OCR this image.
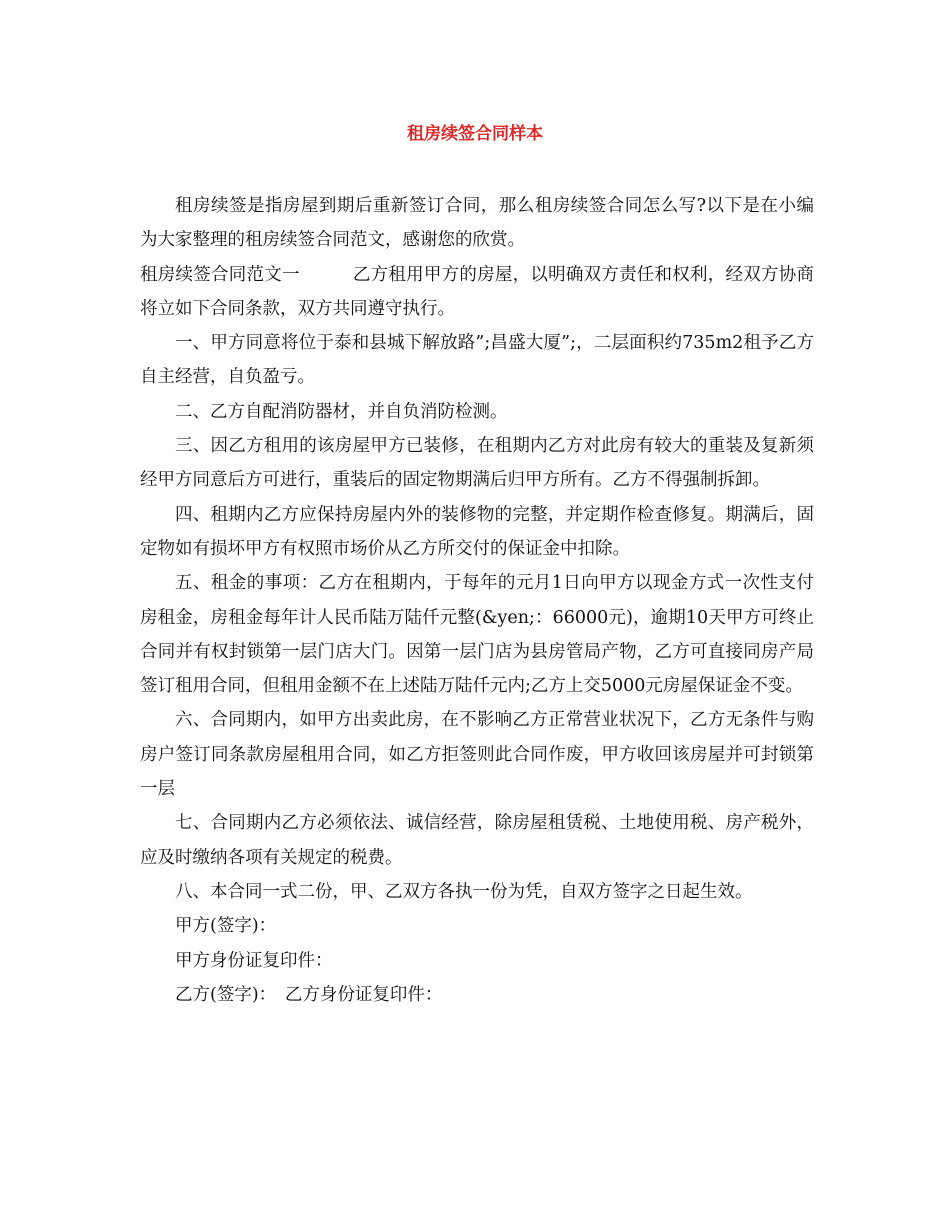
租房续签合同样本

租房续签是指房屋到期后重新签订合同，那么租房续签合同怎么写?以下是在小编为大家整理的租房续签合同范文，感谢您的欣赏。

租房续签合同范文一　　　乙方租用甲方的房屋，以明确双方责任和权利，经双方协商将立如下合同条款，双方共同遵守执行。

一、甲方同意将位于泰和县城下解放路”;昌盛大厦”;，二层面积约735m2租予乙方自主经营，自负盈亏。

二、乙方自配消防器材，并自负消防检测。

三、因乙方租用的该房屋甲方已装修，在租期内乙方对此房有较大的重装及复新须经甲方同意后方可进行，重装后的固定物期满后归甲方所有。乙方不得强制拆卸。

四、租期内乙方应保持房屋内外的装修物的完整，并定期作检查修复。期满后，固定物如有损坏甲方有权照市场价从乙方所交付的保证金中扣除。

五、租金的事项：乙方在租期内，于每年的元月1日向甲方以现金方式一次性支付房租金，房租金每年计人民币陆万陆仟元整(&yen;：66000元)，逾期10天甲方可终止合同并有权封锁第一层门店大门。因第一层门店为县房管局产物，乙方可直接同房产局签订租用合同，但租用金额不在上述陆万陆仟元内;乙方上交5000元房屋保证金不变。

六、合同期内，如甲方出卖此房，在不影响乙方正常营业状况下，乙方无条件与购房户签订同条款房屋租用合同，如乙方拒签则此合同作废，甲方收回该房屋并可封锁第一层

七、合同期内乙方必须依法、诚信经营，除房屋租赁税、土地使用税、房产税外，应及时缴纳各项有关规定的税费。

八、本合同一式二份，甲、乙双方各执一份为凭，自双方签字之日起生效。

甲方(签字)：

甲方身份证复印件：

乙方(签字)：　乙方身份证复印件：
